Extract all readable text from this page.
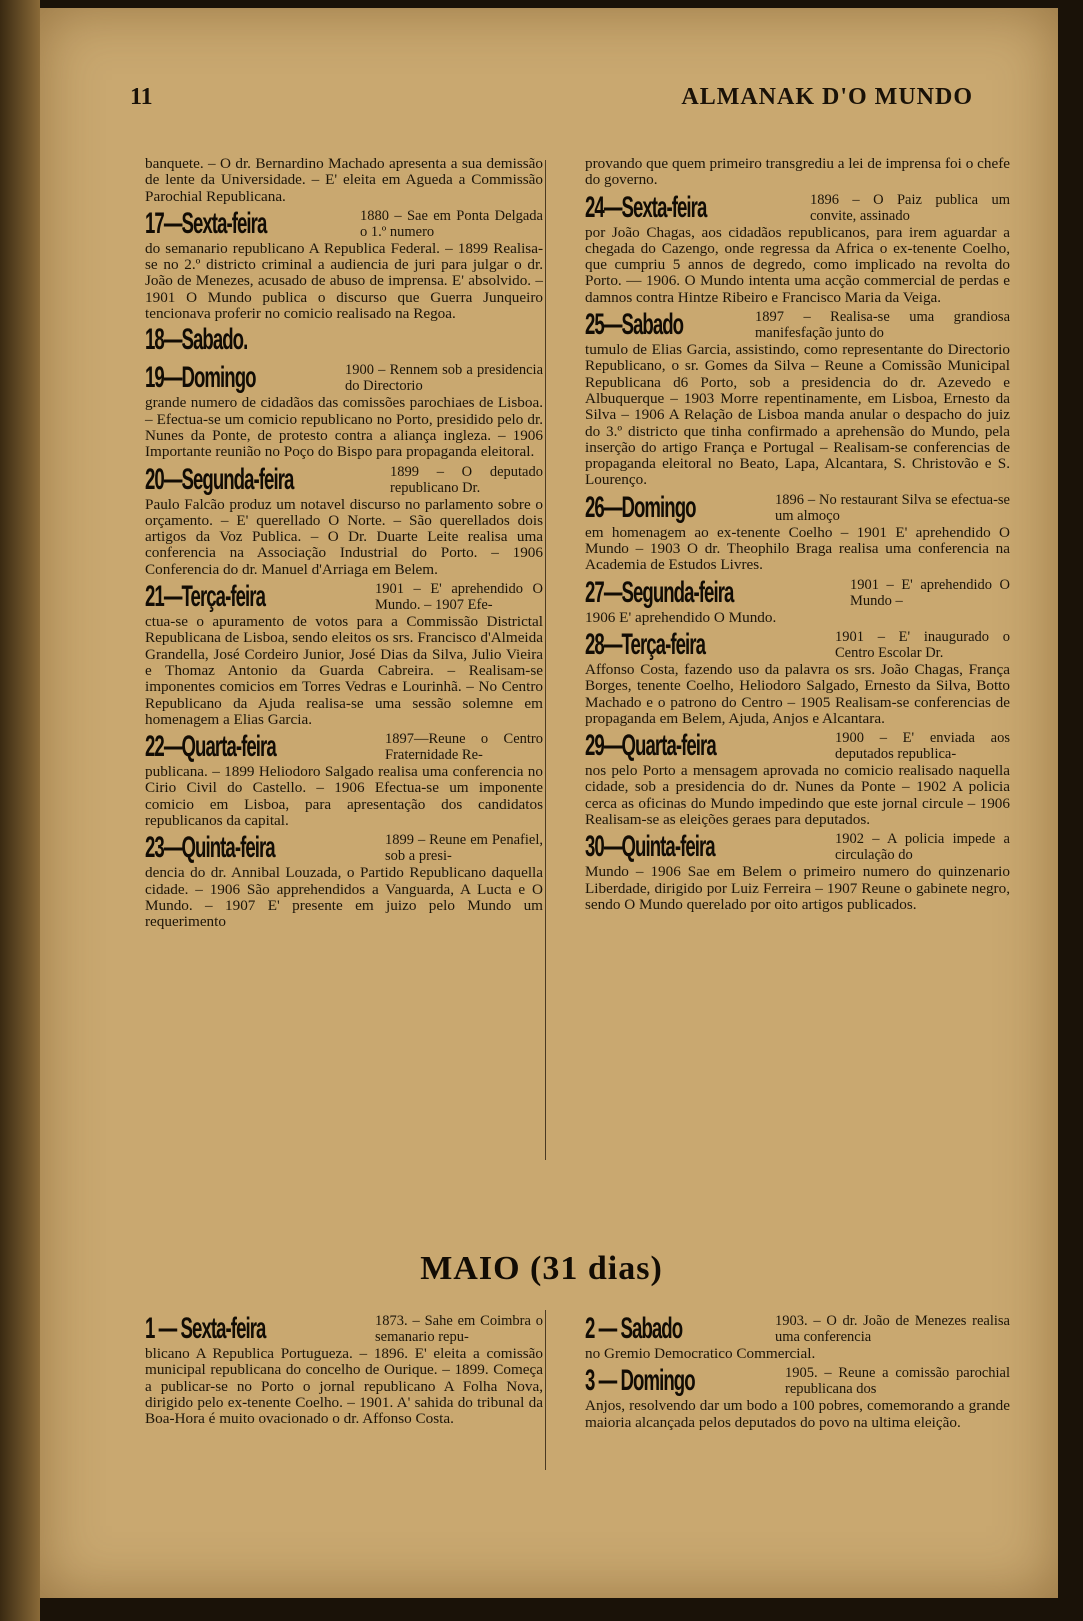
11	ALMANAK D'O MUNDO

banquete. – O dr. Bernardino Machado apresenta a sua demissão de lente da Universidade. – E' eleita em Agueda a Commissão Parochial Republicana.

17—Sexta-feira	1880 – Sae em Ponta Delgada o 1.º numero

do semanario republicano A Republica Federal. – 1899 Realisa-se no 2.º districto criminal a audiencia de juri para julgar o dr. João de Menezes, acusado de abuso de imprensa. E' absolvido. – 1901 O Mundo publica o discurso que Guerra Junqueiro tencionava proferir no comicio realisado na Regoa.

18—Sabado.
19—Domingo	1900 – Rennem sob a presidencia do Directorio

grande numero de cidadãos das comissões parochiaes de Lisboa. – Efectua-se um comicio republicano no Porto, presidido pelo dr. Nunes da Ponte, de protesto contra a aliança ingleza. – 1906 Importante reunião no Poço do Bispo para propaganda eleitoral.

20—Segunda-feira	1899 – O deputado republicano Dr.

Paulo Falcão produz um notavel discurso no parlamento sobre o orçamento. – E' querellado O Norte. – São querellados dois artigos da Voz Publica. – O Dr. Duarte Leite realisa uma conferencia na Associação Industrial do Porto. – 1906 Conferencia do dr. Manuel d'Arriaga em Belem.

21—Terça-feira	1901 – E' aprehendido O Mundo. – 1907 Efe-

ctua-se o apuramento de votos para a Commissão Districtal Republicana de Lisboa, sendo eleitos os srs. Francisco d'Almeida Grandella, José Cordeiro Junior, José Dias da Silva, Julio Vieira e Thomaz Antonio da Guarda Cabreira. – Realisam-se imponentes comicios em Torres Vedras e Lourinhã. – No Centro Republicano da Ajuda realisa-se uma sessão solemne em homenagem a Elias Garcia.

22—Quarta-feira	1897—Reune o Centro Fraternidade Re-

publicana. – 1899 Heliodoro Salgado realisa uma conferencia no Cirio Civil do Castello. – 1906 Efectua-se um imponente comicio em Lisboa, para apresentação dos candidatos republicanos da capital.

23—Quinta-feira	1899 – Reune em Penafiel, sob a presi-

dencia do dr. Annibal Louzada, o Partido Republicano daquella cidade. – 1906 São apprehendidos a Vanguarda, A Lucta e O Mundo. – 1907 E' presente em juizo pelo Mundo um requerimento

provando que quem primeiro transgrediu a lei de imprensa foi o chefe do governo.

24—Sexta-feira	1896 – O Paiz publica um convite, assinado

por João Chagas, aos cidadãos republicanos, para irem aguardar a chegada do Cazengo, onde regressa da Africa o ex-tenente Coelho, que cumpriu 5 annos de degredo, como implicado na revolta do Porto. — 1906. O Mundo intenta uma acção commercial de perdas e damnos contra Hintze Ribeiro e Francisco Maria da Veiga.

25—Sabado	1897 – Realisa-se uma grandiosa manifesfação junto do

tumulo de Elias Garcia, assistindo, como representante do Directorio Republicano, o sr. Gomes da Silva – Reune a Comissão Municipal Republicana d6 Porto, sob a presidencia do dr. Azevedo e Albuquerque – 1903 Morre repentinamente, em Lisboa, Ernesto da Silva – 1906 A Relação de Lisboa manda anular o despacho do juiz do 3.º districto que tinha confirmado a aprehensão do Mundo, pela inserção do artigo França e Portugal – Realisam-se conferencias de propaganda eleitoral no Beato, Lapa, Alcantara, S. Christovão e S. Lourenço.

26—Domingo	1896 – No restaurant Silva se efectua-se um almoço

em homenagem ao ex-tenente Coelho – 1901 E' aprehendido O Mundo – 1903 O dr. Theophilo Braga realisa uma conferencia na Academia de Estudos Livres.

27—Segunda-feira	1901 – E' aprehendido O Mundo –

1906 E' aprehendido O Mundo.

28—Terça-feira	1901 – E' inaugurado o Centro Escolar Dr.

Affonso Costa, fazendo uso da palavra os srs. João Chagas, França Borges, tenente Coelho, Heliodoro Salgado, Ernesto da Silva, Botto Machado e o patrono do Centro – 1905 Realisam-se conferencias de propaganda em Belem, Ajuda, Anjos e Alcantara.

29—Quarta-feira	1900 – E' enviada aos deputados republica-

nos pelo Porto a mensagem aprovada no comicio realisado naquella cidade, sob a presidencia do dr. Nunes da Ponte – 1902 A policia cerca as oficinas do Mundo impedindo que este jornal circule – 1906 Realisam-se as eleições geraes para deputados.

30—Quinta-feira	1902 – A policia impede a circulação do

Mundo – 1906 Sae em Belem o primeiro numero do quinzenario Liberdade, dirigido por Luiz Ferreira – 1907 Reune o gabinete negro, sendo O Mundo querelado por oito artigos publicados.

MAIO (31 dias)
1 — Sexta-feira	1873. – Sahe em Coimbra o semanario repu-

blicano A Republica Portugueza. – 1896. E' eleita a comissão municipal republicana do concelho de Ourique. – 1899. Começa a publicar-se no Porto o jornal republicano A Folha Nova, dirigido pelo ex-tenente Coelho. – 1901. A' sahida do tribunal da Boa-Hora é muito ovacionado o dr. Affonso Costa.

2 — Sabado	1903. – O dr. João de Menezes realisa uma conferencia

no Gremio Democratico Commercial.

3 — Domingo	1905. – Reune a comissão parochial republicana dos

Anjos, resolvendo dar um bodo a 100 pobres, comemorando a grande maioria alcançada pelos deputados do povo na ultima eleição.
